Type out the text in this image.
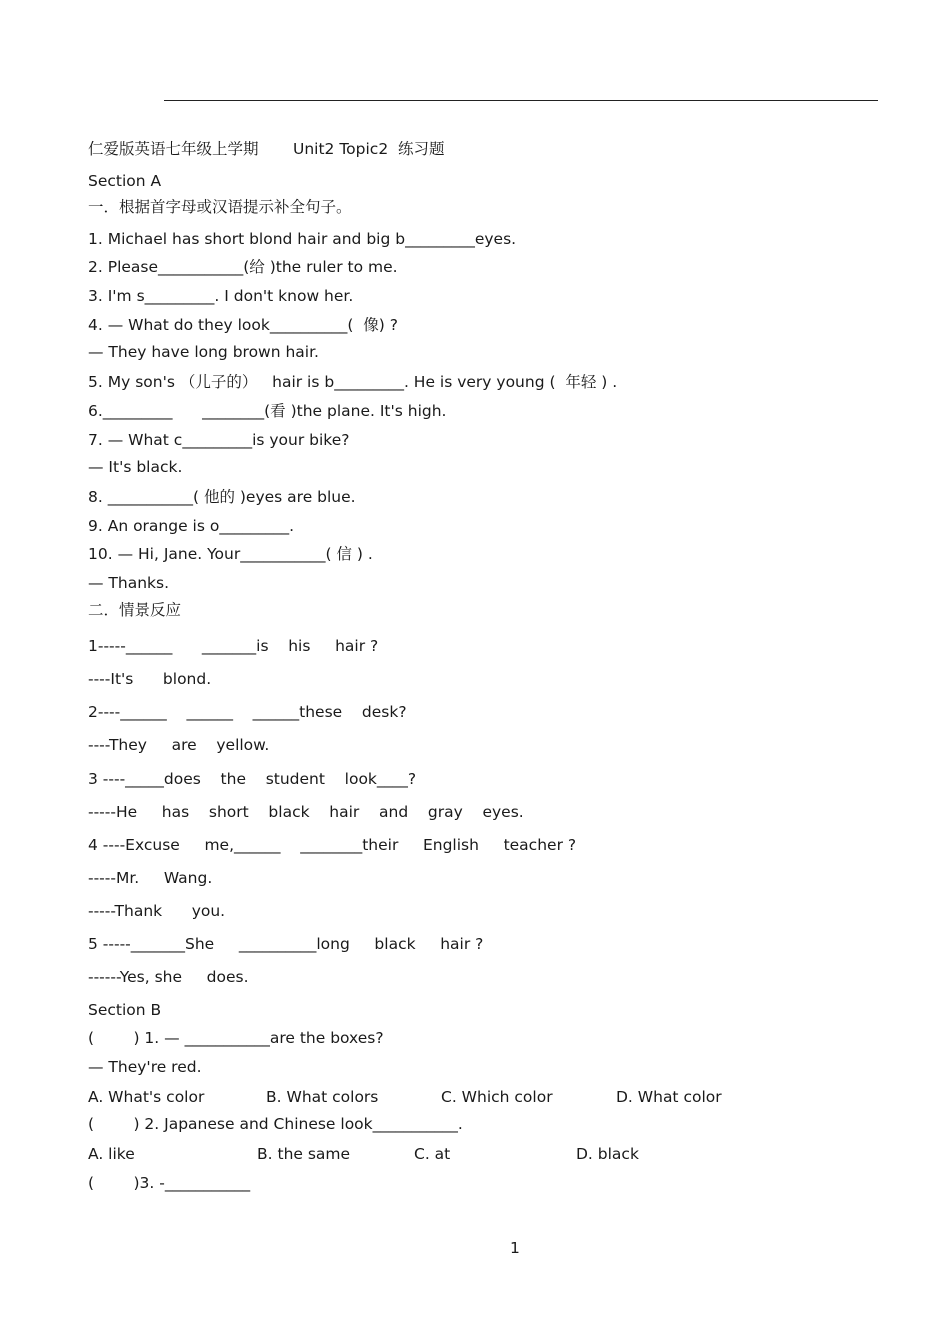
仁爱版英语七年级上学期       Unit2 Topic2  练习题
Section A
一．根据首字母或汉语提示补全句子。
1. Michael has short blond hair and big b_________eyes.
2. Please___________(给 )the ruler to me.
3. I'm s_________. I don't know her.
4. — What do they look__________(  像) ?
— They have long brown hair.
5. My son's （儿子的）   hair is b_________. He is very young (  年轻 ) .
6._________      ________(看 )the plane. It's high.
7. — What c_________is your bike?
— It's black.
8. ___________( 他的 )eyes are blue.
9. An orange is o_________.
10. — Hi, Jane. Your___________( 信 ) .
— Thanks.
二．情景反应
1-----______      _______is    his     hair ?
----It's      blond.
2----______    ______    ______these    desk?
----They     are    yellow.
3 ----_____does    the    student    look____?
-----He     has    short    black    hair    and    gray    eyes.
4 ----Excuse     me,______    ________their     English     teacher ?
-----Mr.     Wang.
-----Thank      you.
5 -----_______She     __________long     black     hair ?
------Yes, she     does.
Section B
(        ) 1. — ___________are the boxes?
— They're red.
A. What's color	B. What colors	C. Which color	D. What color
(        ) 2. Japanese and Chinese look___________.
A. like	B. the same	C. at	D. black
(        )3. -___________
1
